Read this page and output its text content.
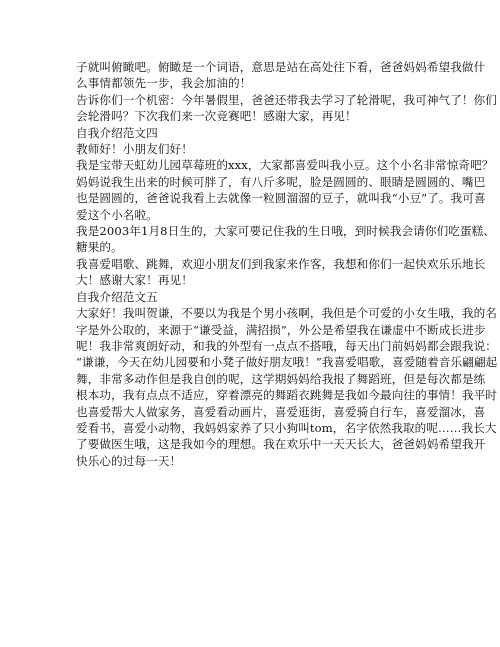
子就叫俯瞰吧。俯瞰是一个词语，意思是站在高处往下看，爸爸妈妈希望我做什

么事情都领先一步，我会加油的！

告诉你们一个机密：今年暑假里，爸爸还带我去学习了轮滑呢，我可神气了！你们

会轮滑吗？下次我们来一次竞赛吧！感谢大家，再见！

自我介绍范文四

教师好！小朋友们好！

我是宝带天虹幼儿园草莓班的xxx，大家都喜爱叫我小豆。这个小名非常惊奇吧？

妈妈说我生出来的时候可胖了，有八斤多呢，脸是圆圆的、眼睛是圆圆的、嘴巴

也是圆圆的，爸爸说我看上去就像一粒圆溜溜的豆子，就叫我“小豆”了。我可喜

爱这个小名啦。

我是2003年1月8日生的，大家可要记住我的生日哦，到时候我会请你们吃蛋糕、

糖果的。

我喜爱唱歌、跳舞，欢迎小朋友们到我家来作客，我想和你们一起快欢乐乐地长

大！感谢大家！再见！

自我介绍范文五

大家好！我叫贺谦，不要以为我是个男小孩啊，我但是个可爱的小女生哦，我的名

字是外公取的，来源于“谦受益，满招损”，外公是希望我在谦虚中不断成长进步

呢！我非常爽朗好动，和我的外型有一点点不搭哦，每天出门前妈妈都会跟我说：

“谦谦，今天在幼儿园要和小凳子做好朋友哦！”我喜爱唱歌，喜爱随着音乐翩翩起

舞，非常多动作但是我自创的呢，这学期妈妈给我报了舞蹈班，但是每次都是练

根本功，我有点点不适应，穿着漂亮的舞蹈衣跳舞是我如今最向往的事情！我平时

也喜爱帮大人做家务，喜爱看动画片，喜爱逛街，喜爱骑自行车，喜爱溜冰，喜

爱看书，喜爱小动物，我妈妈家养了只小狗叫tom，名字依然我取的呢……我长大

了要做医生哦，这是我如今的理想。我在欢乐中一天天长大，爸爸妈妈希望我开

快乐心的过每一天！
